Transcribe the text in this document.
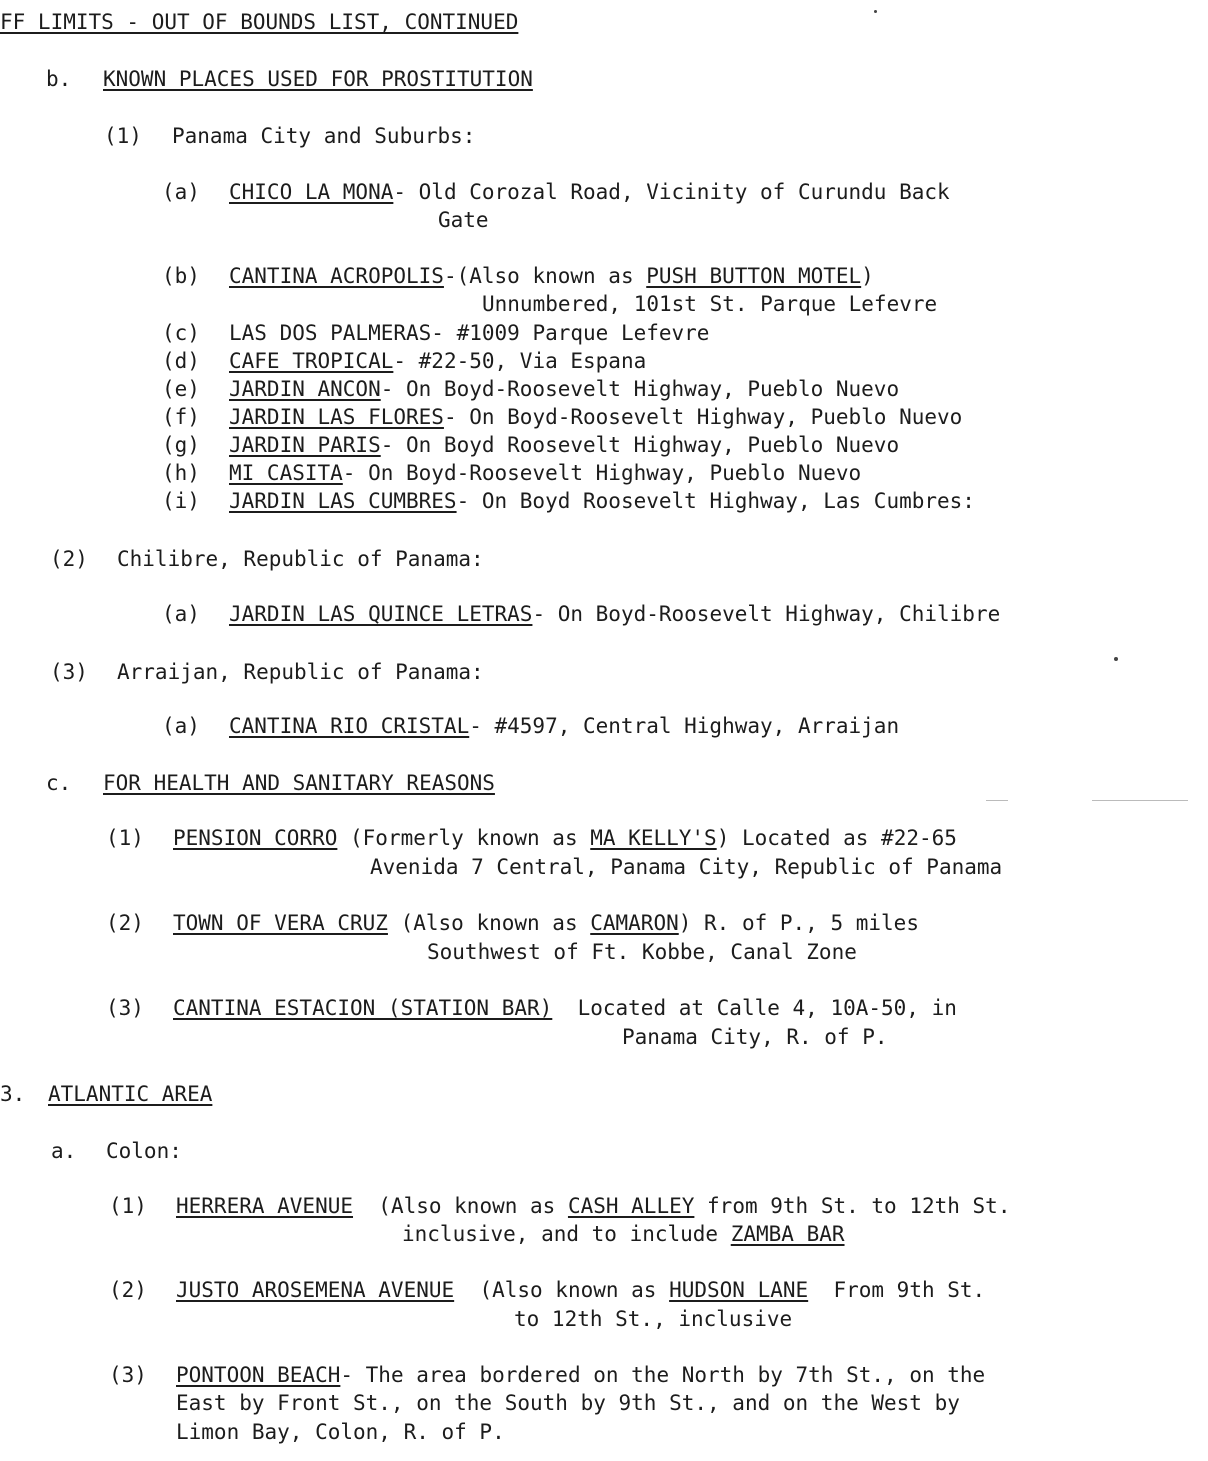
FF LIMITS - OUT OF BOUNDS LIST, CONTINUED
b. KNOWN PLACES USED FOR PROSTITUTION
(1) Panama City and Suburbs:
(a) CHICO LA MONA- Old Corozal Road, Vicinity of Curundu Back
Gate
(b) CANTINA ACROPOLIS-(Also known as PUSH BUTTON MOTEL)
Unnumbered, 101st St. Parque Lefevre
(c) LAS DOS PALMERAS- #1009 Parque Lefevre
(d) CAFE TROPICAL- #22-50, Via Espana
(e) JARDIN ANCON- On Boyd-Roosevelt Highway, Pueblo Nuevo
(f) JARDIN LAS FLORES- On Boyd-Roosevelt Highway, Pueblo Nuevo
(g) JARDIN PARIS- On Boyd Roosevelt Highway, Pueblo Nuevo
(h) MI CASITA- On Boyd-Roosevelt Highway, Pueblo Nuevo
(i) JARDIN LAS CUMBRES- On Boyd Roosevelt Highway, Las Cumbres:
(2) Chilibre, Republic of Panama:
(a) JARDIN LAS QUINCE LETRAS- On Boyd-Roosevelt Highway, Chilibre
(3) Arraijan, Republic of Panama:
(a) CANTINA RIO CRISTAL- #4597, Central Highway, Arraijan
c. FOR HEALTH AND SANITARY REASONS
(1) PENSION CORRO (Formerly known as MA KELLY'S) Located as #22-65
Avenida 7 Central, Panama City, Republic of Panama
(2) TOWN OF VERA CRUZ (Also known as CAMARON) R. of P., 5 miles
Southwest of Ft. Kobbe, Canal Zone
(3) CANTINA ESTACION (STATION BAR)  Located at Calle 4, 10A-50, in
Panama City, R. of P.
3. ATLANTIC AREA
a. Colon:
(1) HERRERA AVENUE  (Also known as CASH ALLEY from 9th St. to 12th St.
inclusive, and to include ZAMBA BAR
(2) JUSTO AROSEMENA AVENUE  (Also known as HUDSON LANE  From 9th St.
to 12th St., inclusive
(3) PONTOON BEACH- The area bordered on the North by 7th St., on the
East by Front St., on the South by 9th St., and on the West by
Limon Bay, Colon, R. of P.
